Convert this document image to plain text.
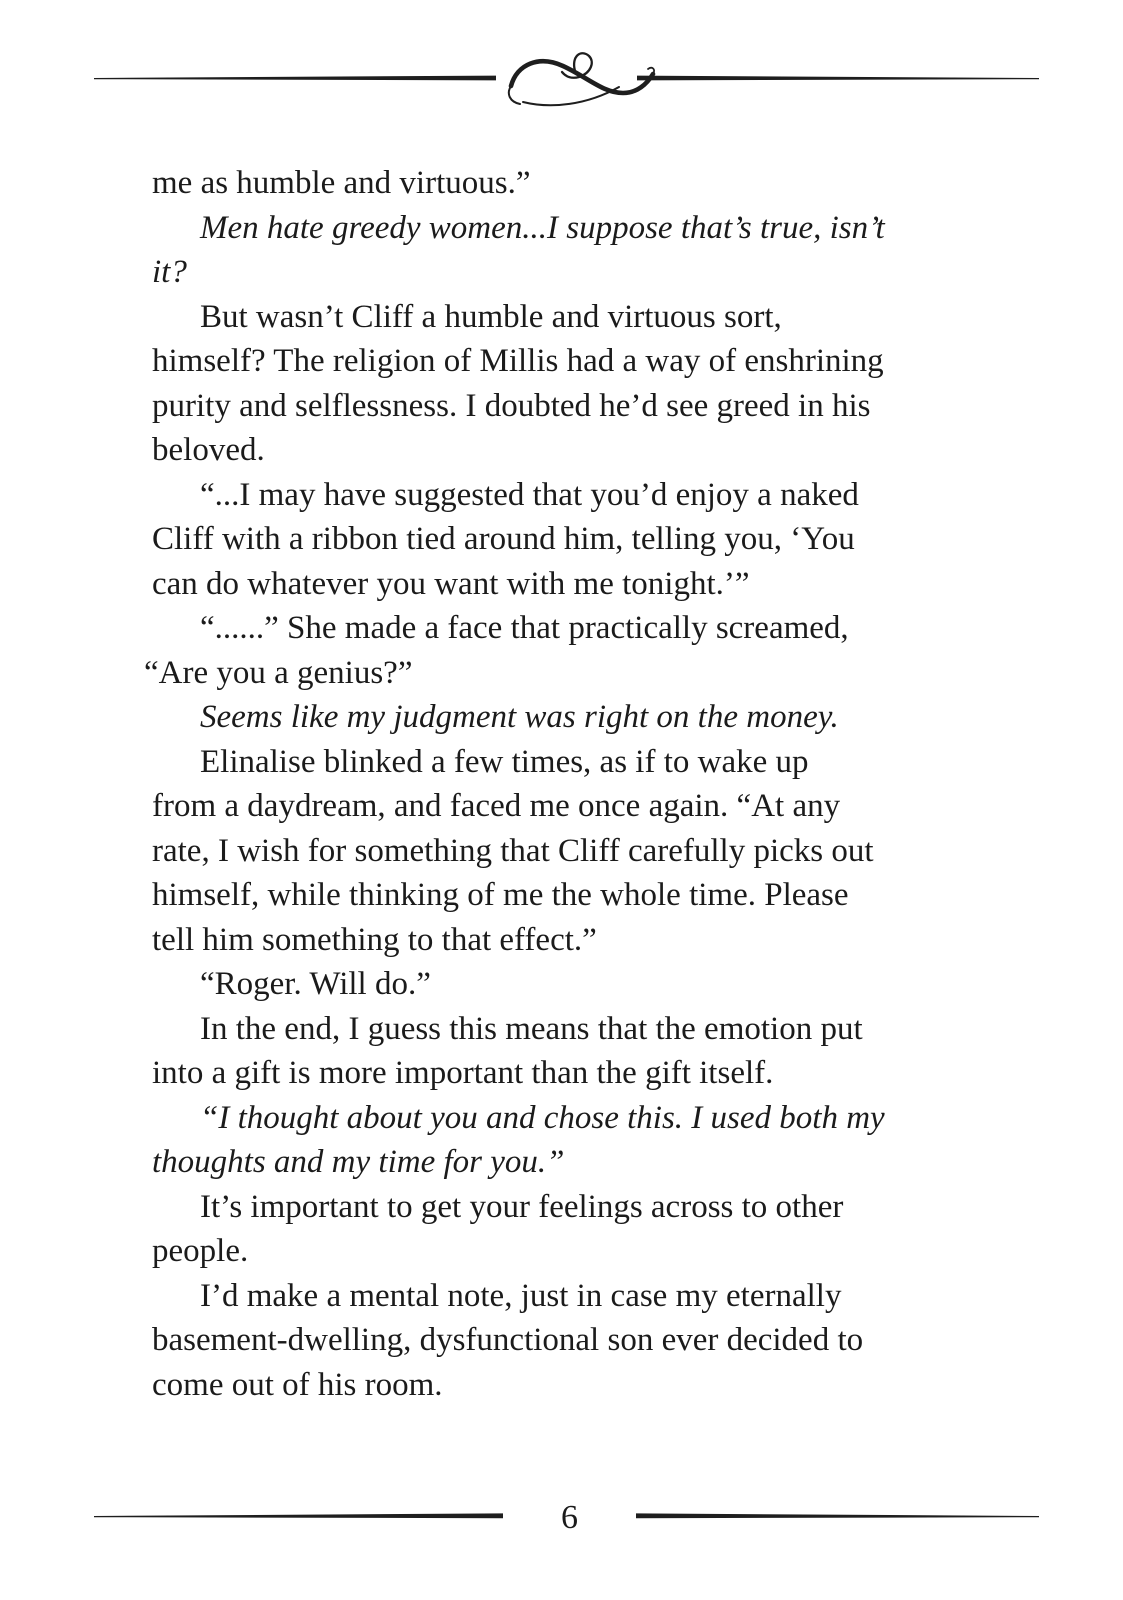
me as humble and virtuous.”
Men hate greedy women...I suppose that’s true, isn’t
it?
But wasn’t Cliff a humble and virtuous sort,
himself? The religion of Millis had a way of enshrining
purity and selflessness. I doubted he’d see greed in his
beloved.
“...I may have suggested that you’d enjoy a naked
Cliff with a ribbon tied around him, telling you, ‘You
can do whatever you want with me tonight.’”
“......” She made a face that practically screamed,
“Are you a genius?”
Seems like my judgment was right on the money.
Elinalise blinked a few times, as if to wake up
from a daydream, and faced me once again. “At any
rate, I wish for something that Cliff carefully picks out
himself, while thinking of me the whole time. Please
tell him something to that effect.”
“Roger. Will do.”
In the end, I guess this means that the emotion put
into a gift is more important than the gift itself.
“I thought about you and chose this. I used both my
thoughts and my time for you.”
It’s important to get your feelings across to other
people.
I’d make a mental note, just in case my eternally
basement-dwelling, dysfunctional son ever decided to
come out of his room.
6
